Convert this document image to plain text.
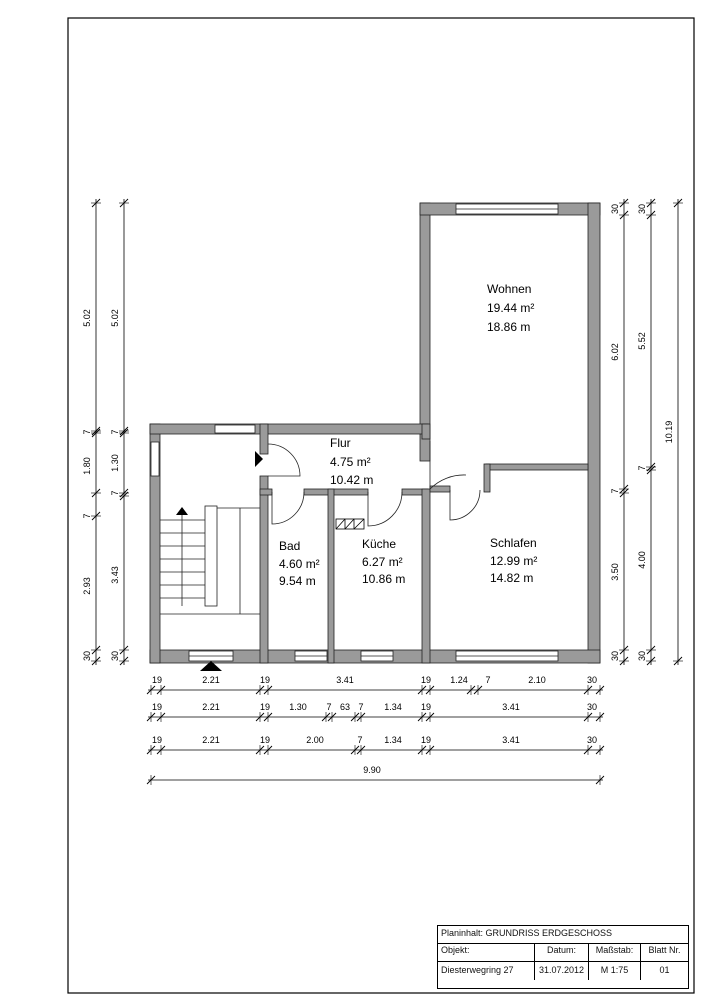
Wohnen
19.44 m²
18.86 m
Flur
4.75 m²
10.42 m
Bad
4.60 m²
9.54 m
Küche
6.27 m²
10.86 m
Schlafen
12.99 m²
14.82 m
19	2.21	19	3.41	19 1.24 7	2.10	30
19	2.21	19 1.30 7 63 7 1.34 19	3.41	30
19	2.21	19	2.00	7 1.34 19	3.41	30
9.90
5.02
7
1.80
7
2.93
30
5.02
7
1.30
7
3.43
30
30
6.02
7
3.50
30
30
5.52
7
4.00
30
10.19
Planinhalt: GRUNDRISS ERDGESCHOSS
Objekt:	Datum:	Maßstab:	Blatt Nr.
Diesterwegring 27	31.07.2012	M 1:75	01
